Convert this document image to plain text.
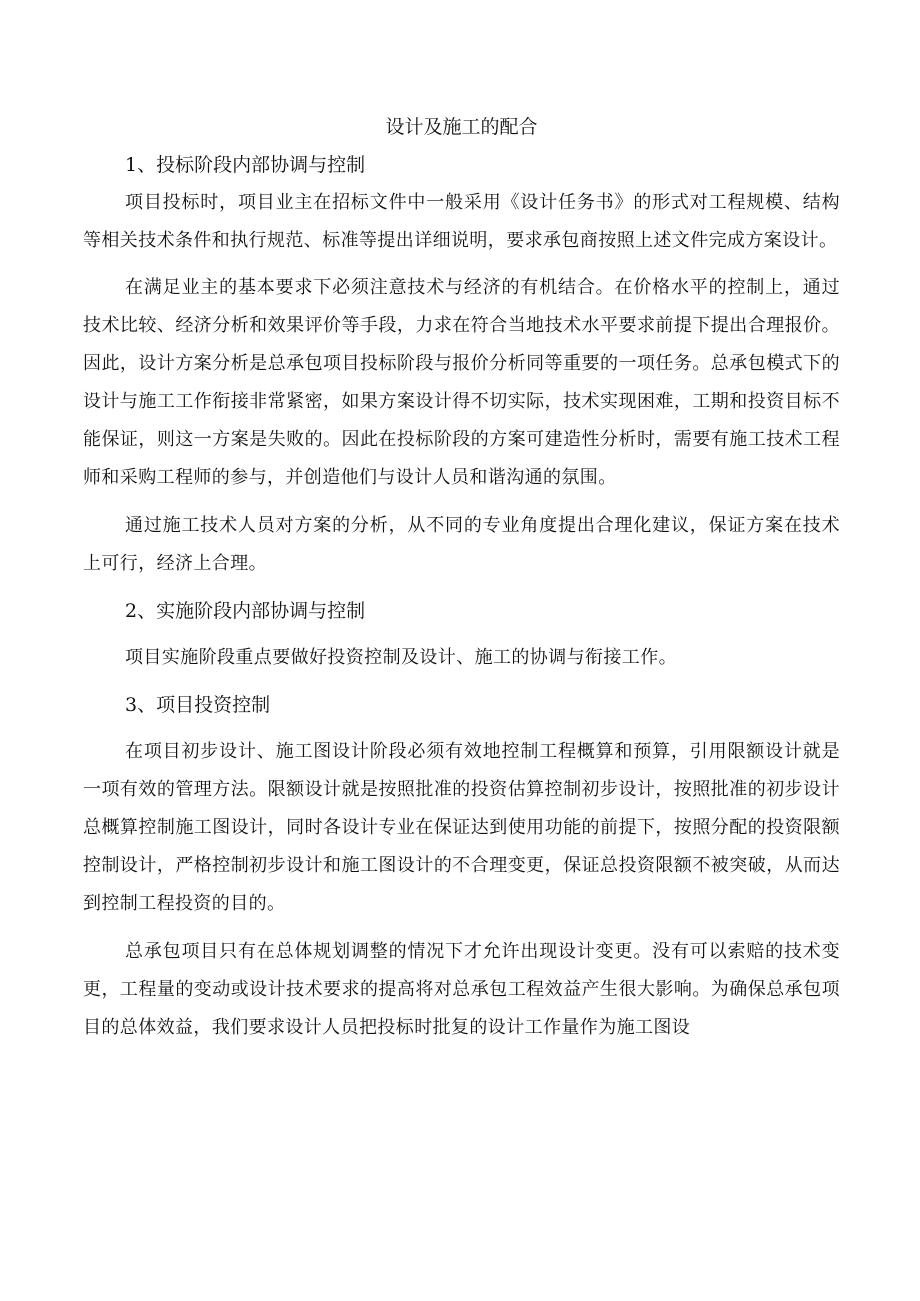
设计及施工的配合
1、投标阶段内部协调与控制

项目投标时，项目业主在招标文件中一般采用《设计任务书》的形式对工程规模、结构等相关技术条件和执行规范、标准等提出详细说明，要求承包商按照上述文件完成方案设计。

在满足业主的基本要求下必须注意技术与经济的有机结合。在价格水平的控制上，通过技术比较、经济分析和效果评价等手段，力求在符合当地技术水平要求前提下提出合理报价。因此，设计方案分析是总承包项目投标阶段与报价分析同等重要的一项任务。总承包模式下的设计与施工工作衔接非常紧密，如果方案设计得不切实际，技术实现困难，工期和投资目标不能保证，则这一方案是失败的。因此在投标阶段的方案可建造性分析时，需要有施工技术工程师和采购工程师的参与，并创造他们与设计人员和谐沟通的氛围。

通过施工技术人员对方案的分析，从不同的专业角度提出合理化建议，保证方案在技术上可行，经济上合理。

2、实施阶段内部协调与控制

项目实施阶段重点要做好投资控制及设计、施工的协调与衔接工作。

3、项目投资控制

在项目初步设计、施工图设计阶段必须有效地控制工程概算和预算，引用限额设计就是一项有效的管理方法。限额设计就是按照批准的投资估算控制初步设计，按照批准的初步设计总概算控制施工图设计，同时各设计专业在保证达到使用功能的前提下，按照分配的投资限额控制设计，严格控制初步设计和施工图设计的不合理变更，保证总投资限额不被突破，从而达到控制工程投资的目的。

总承包项目只有在总体规划调整的情况下才允许出现设计变更。没有可以索赔的技术变更，工程量的变动或设计技术要求的提高将对总承包工程效益产生很大影响。为确保总承包项目的总体效益，我们要求设计人员把投标时批复的设计工作量作为施工图设
